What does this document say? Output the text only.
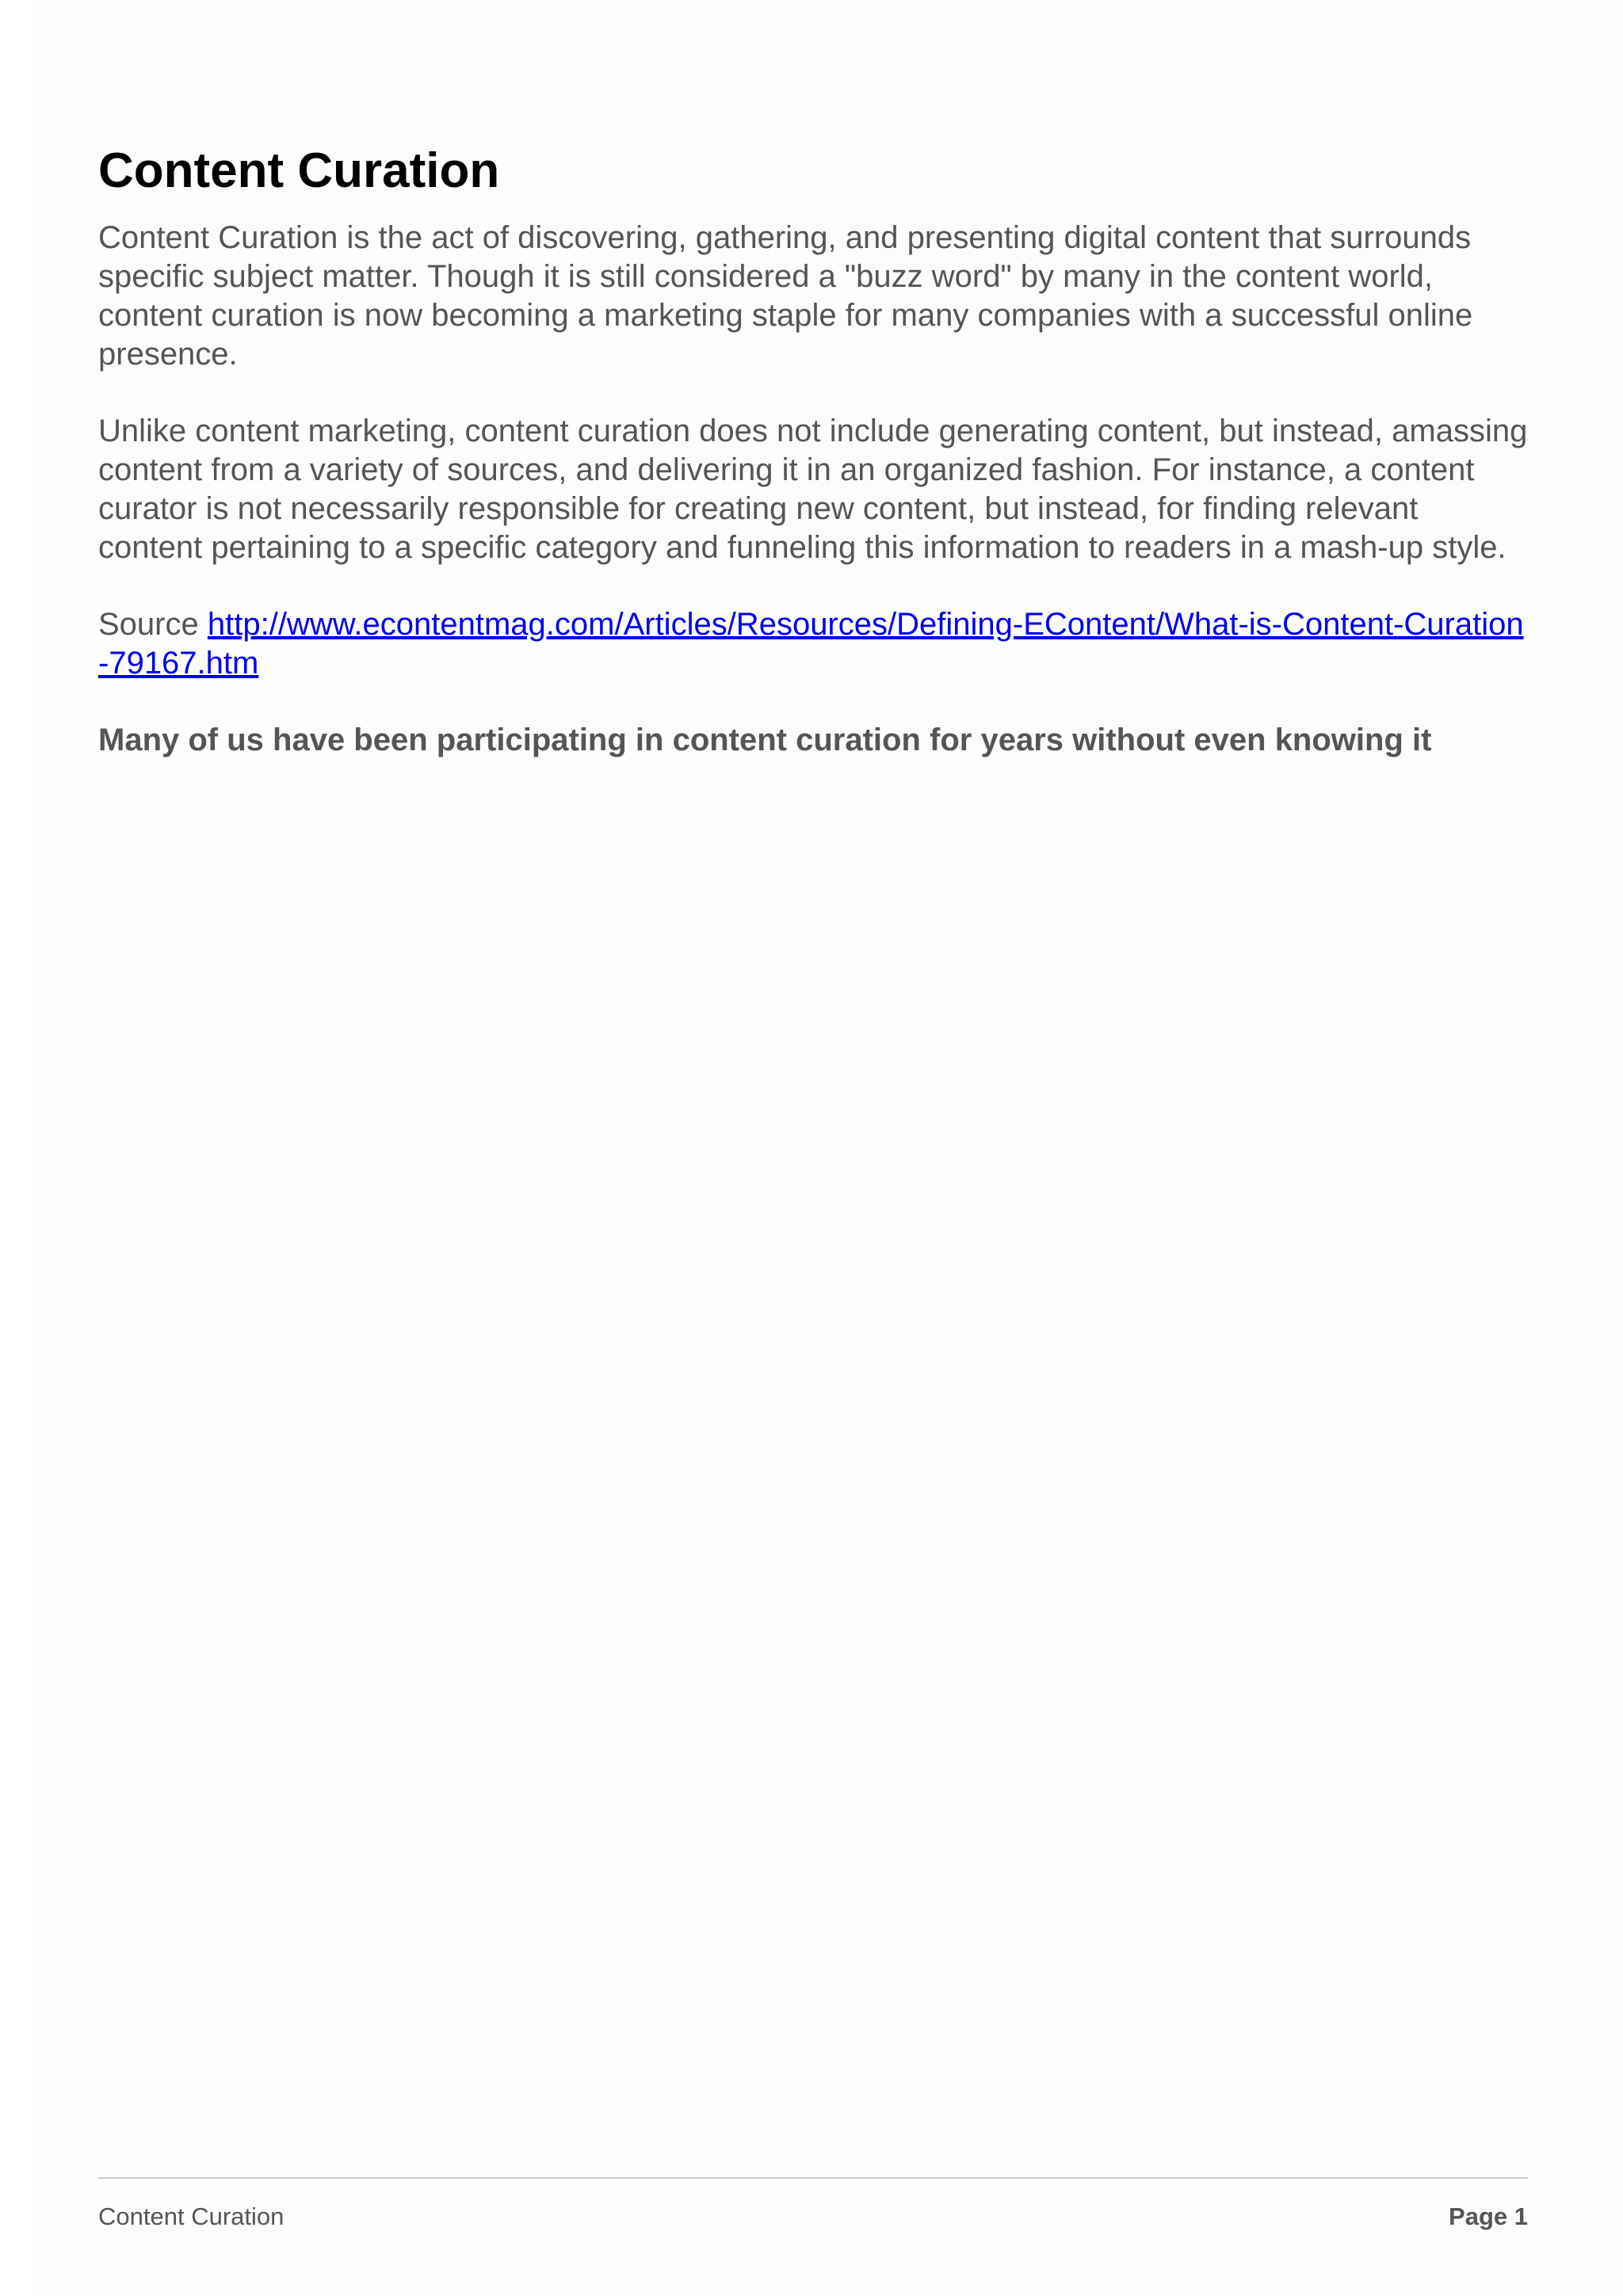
Content Curation

Content Curation is the act of discovering, gathering, and presenting digital content that surrounds specific subject matter. Though it is still considered a "buzz word" by many in the content world, content curation is now becoming a marketing staple for many companies with a successful online presence.

Unlike content marketing, content curation does not include generating content, but instead, amassing content from a variety of sources, and delivering it in an organized fashion. For instance, a content curator is not necessarily responsible for creating new content, but instead, for finding relevant content pertaining to a specific category and funneling this information to readers in a mash-up style.

Source http://www.econtentmag.com/Articles/Resources/Defining-EContent/What-is-Content-Curation-79167.htm

Many of us have been participating in content curation for years without even knowing it

Content Curation	Page 1
